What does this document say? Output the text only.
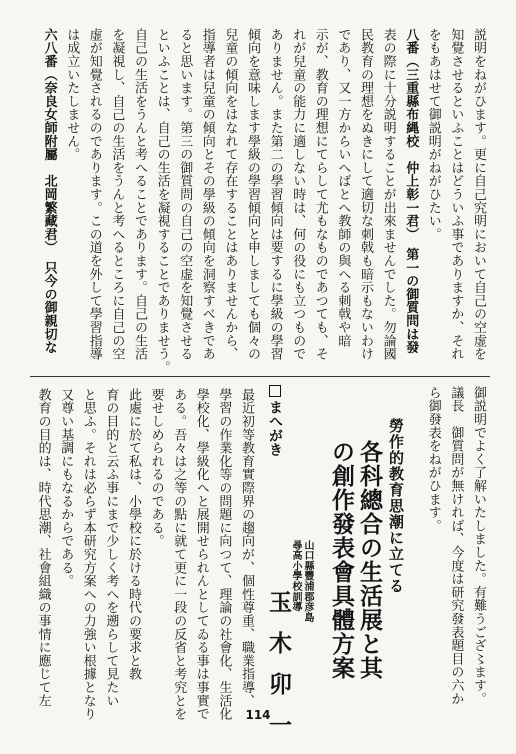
説明をねがひます。更に自己究明において自己の空虚を
知覺させるといふことはどういふ事でありますか、それ
をもあはせて御説明がねがひたい。
八番（三重縣布縄校　仲上彰一君）　第一の御質問は發
表の際に十分説明することが出來ませんでした。勿論國
民教育の理想をぬきにして適切な刺戟も暗示もないわけ
であり、又一方からいへばとへ教師の與へる刺戟や暗
示が、教育の理想にてらして尤もなものであつても、そ
れが兒童の能力に適しない時は、何の役にも立つもので
ありません。また第二の學習傾向は要するに學級の學習
傾向を意味します學級の學習傾向と申しましても個々の
兒童の傾向をはなれて存在することはありませんから、
指導者は兒童の傾向とその學級の傾向を洞察すべきであ
ると思います。第三の御質問の自己の空虚を知覺させる
といふことは、自己の生活を凝視することでありませう。
自己の生活をうんと考へることであります。自己の生活
を凝視し、自己の生活をうんと考へるところに自己の空
虚が知覺されるのであります。この道を外して學習指導
は成立いたしません。
六八番（奈良女師附屬　北岡繁藏君）　只今の御親切な
御説明でよく了解いたしました。有難うござ〻ます。
議長　御質問が無ければ、今度は研究發表題目の六か
ら御發表をねがひます。
勞作的教育思潮に立てる
各科總合の生活展と其
の創作發表會具體方案
山口縣豐浦郡彦島
尋高小學校訓導
玉木卯一
まへがき
最近初等教育實際界の趨向が、個性尊重、職業指導、
學習の作業化等の問題に向つて、理論の社會化、生活化
學校化、學級化へと展開せられんとしてゐる事は事實で
ある。吾々は之等の點に就て更に一段の反省と考究とを
要せしめられるのである。
此處に於て私は、小學校に於ける時代の要求と教
育の目的と云ふ事にまで少しく考へを遡らして見たい
と思ふ。それは必らず本研究方案への力強い根據となり
又尊い基調にもなるからである。
教育の目的は、時代思潮、社會組織の事情に應じて左
114
